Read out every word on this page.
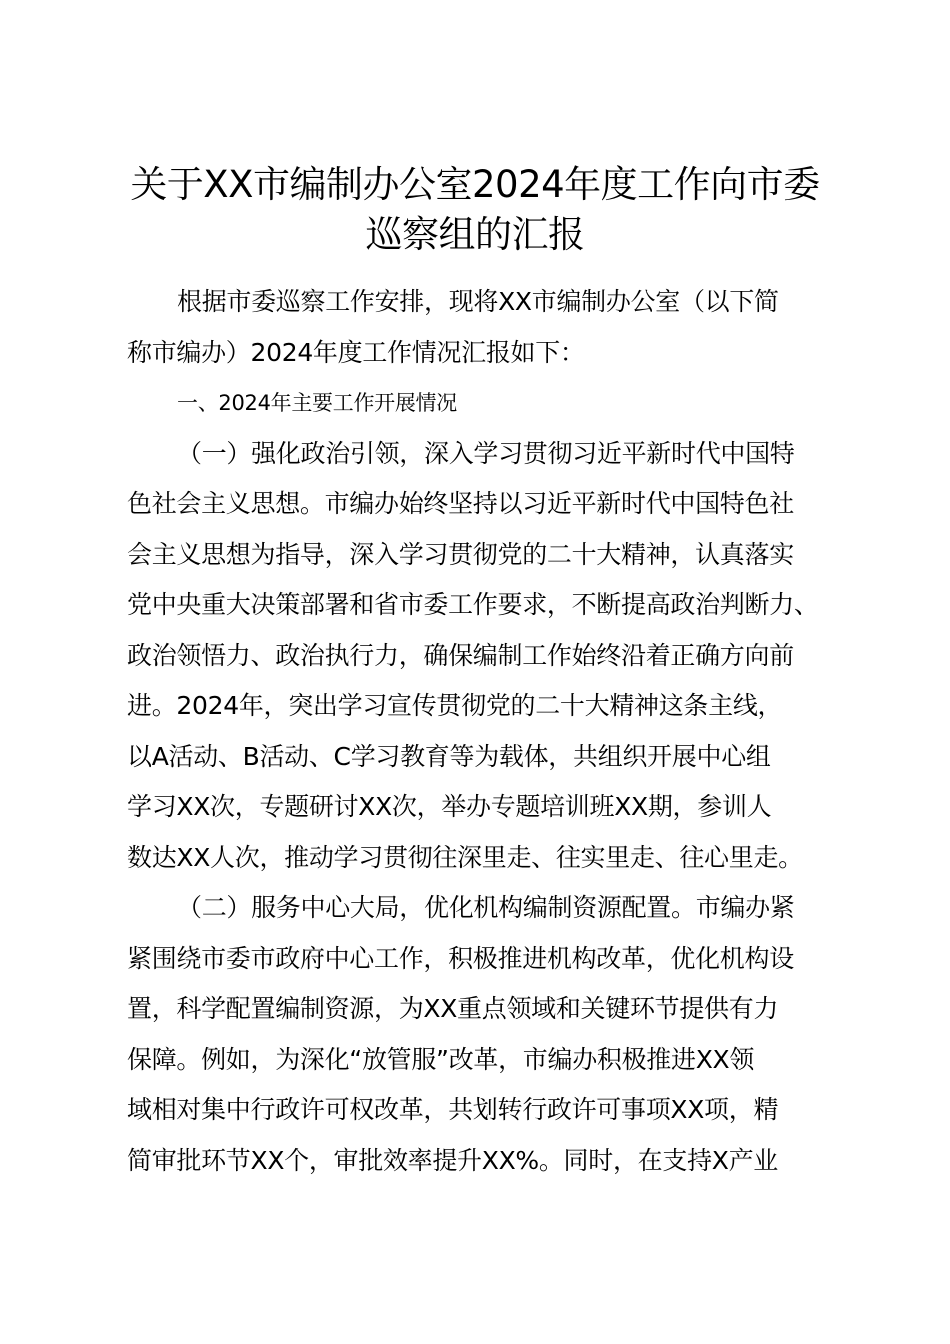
关于XX市编制办公室2024年度工作向市委
巡察组的汇报
根据市委巡察工作安排，现将XX市编制办公室（以下简
称市编办）2024年度工作情况汇报如下：
一、2024年主要工作开展情况
（一）强化政治引领，深入学习贯彻习近平新时代中国特
色社会主义思想。市编办始终坚持以习近平新时代中国特色社
会主义思想为指导，深入学习贯彻党的二十大精神，认真落实
党中央重大决策部署和省市委工作要求，不断提高政治判断力、
政治领悟力、政治执行力，确保编制工作始终沿着正确方向前
进。2024年，突出学习宣传贯彻党的二十大精神这条主线，
以A活动、B活动、C学习教育等为载体，共组织开展中心组
学习XX次，专题研讨XX次，举办专题培训班XX期，参训人
数达XX人次，推动学习贯彻往深里走、往实里走、往心里走。
（二）服务中心大局，优化机构编制资源配置。市编办紧
紧围绕市委市政府中心工作，积极推进机构改革，优化机构设
置，科学配置编制资源，为XX重点领域和关键环节提供有力
保障。例如，为深化“放管服”改革，市编办积极推进XX领
域相对集中行政许可权改革，共划转行政许可事项XX项，精
简审批环节XX个，审批效率提升XX%。同时，在支持X产业
